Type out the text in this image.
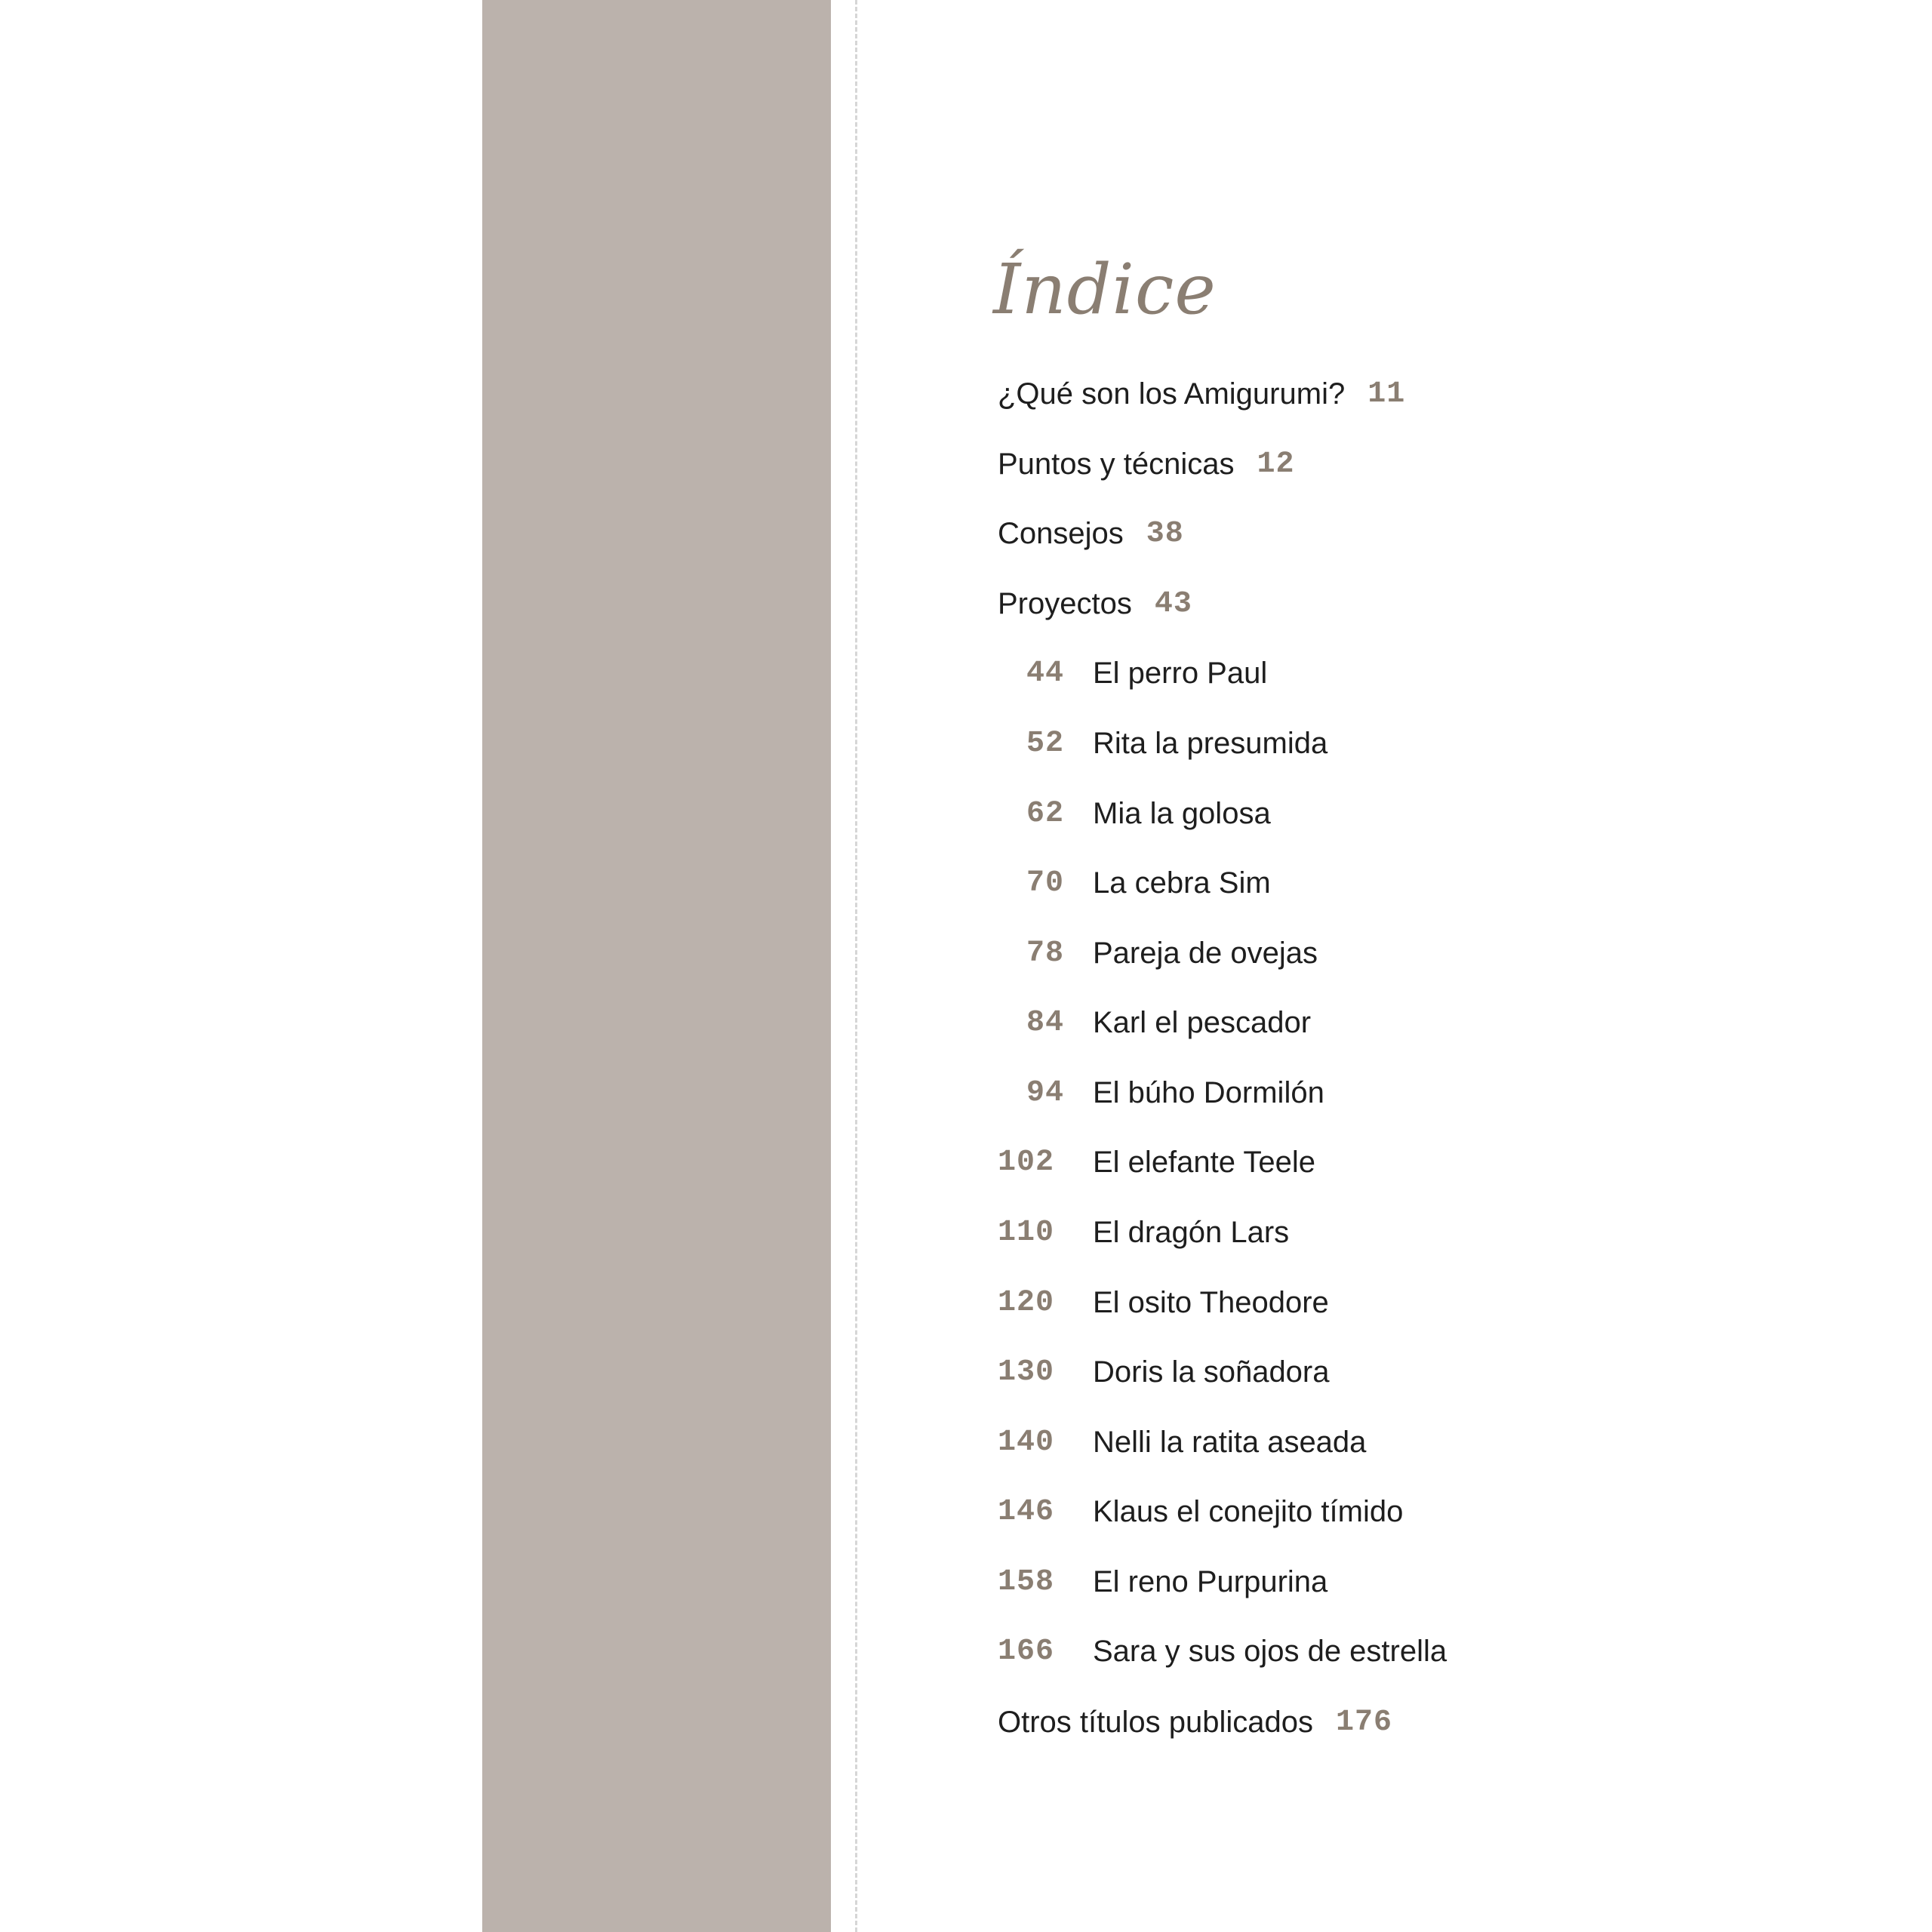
Índice
¿Qué son los Amigurumi? 11
Puntos y técnicas 12
Consejos 38
Proyectos 43
44 El perro Paul
52 Rita la presumida
62 Mia la golosa
70 La cebra Sim
78 Pareja de ovejas
84 Karl el pescador
94 El búho Dormilón
102	El elefante Teele
110	El dragón Lars
120	El osito Theodore
130	Doris la soñadora
140	Nelli la ratita aseada
146	Klaus el conejito tímido
158	El reno Purpurina
166	Sara y sus ojos de estrella
Otros títulos publicados 176
